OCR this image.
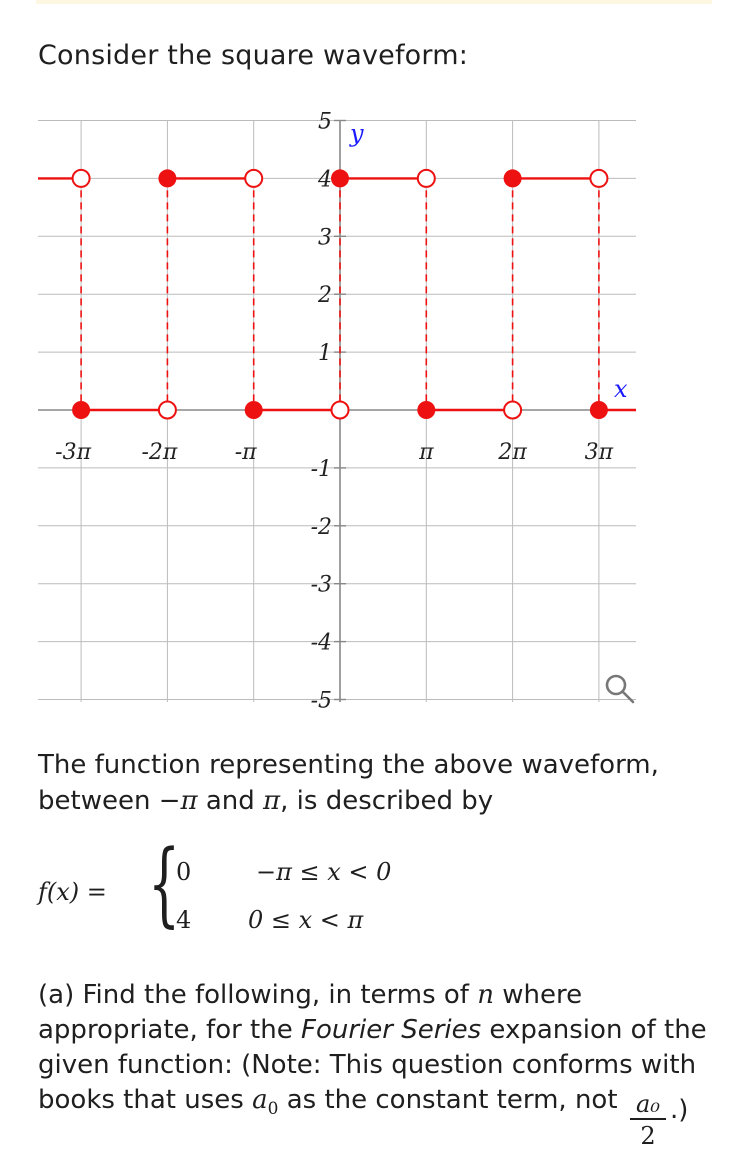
Consider the square waveform:
5
4
3
2
1
-1
-2
-3
-4
-5
-3π -2π	-π	π	2π	3π
y
x
The function representing the above waveform,
between −π and π, is described by
f(x) = {
0	−π ≤ x < 0
4 0 ≤ x < π
(a) Find the following, in terms of n where
appropriate, for the Fourier Series expansion of the
given function: (Note: This question conforms with
books that uses $a_0$ as the constant term, not a₀
2
.)
